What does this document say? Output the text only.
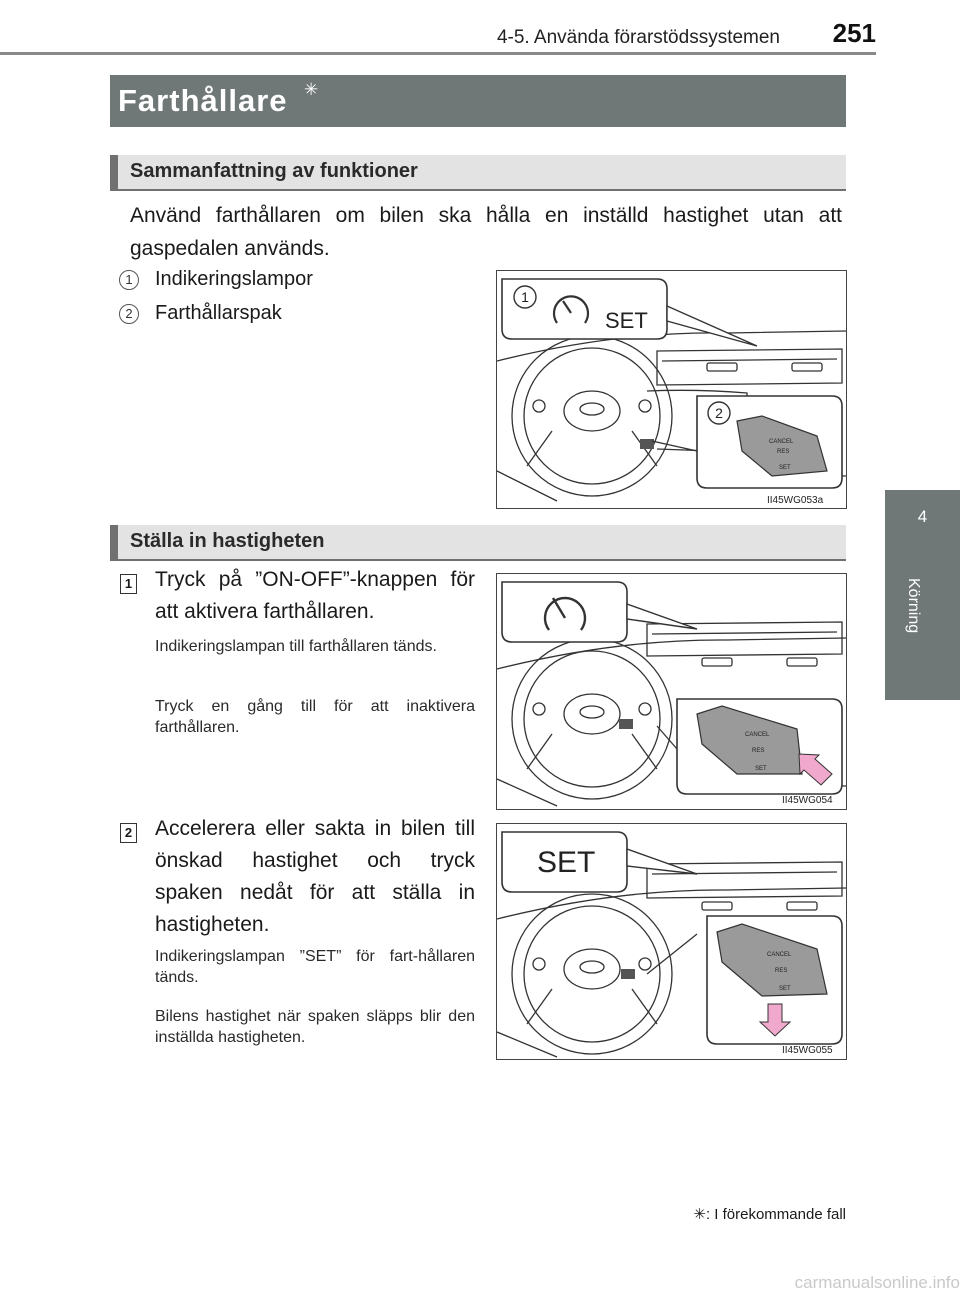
4-5. Använda förarstödssystemen	251
4
Körning
Farthållare ✳
Sammanfattning av funktioner
Använd farthållaren om bilen ska hålla en inställd hastighet utan att gaspedalen används.
1	Indikeringslampor
2	Farthållarspak
1
SET
2
CANCEL
RES
SET
II45WG053a
Ställa in hastigheten
1 Tryck på ”ON-OFF”-knappen för att aktivera farthållaren.
Indikeringslampan till farthållaren tänds.
Tryck en gång till för att inaktivera farthållaren.	CANCEL
RES
SET
II45WG054
2 Accelerera eller sakta in bilen till önskad hastighet och tryck spaken nedåt för att ställa in hastigheten.
Indikeringslampan ”SET” för fart-hållaren tänds.
Bilens hastighet när spaken släpps blir den inställda hastigheten.
SET
CANCEL
RES
SET
II45WG055
✳: I förekommande fall
carmanualsonline.info
